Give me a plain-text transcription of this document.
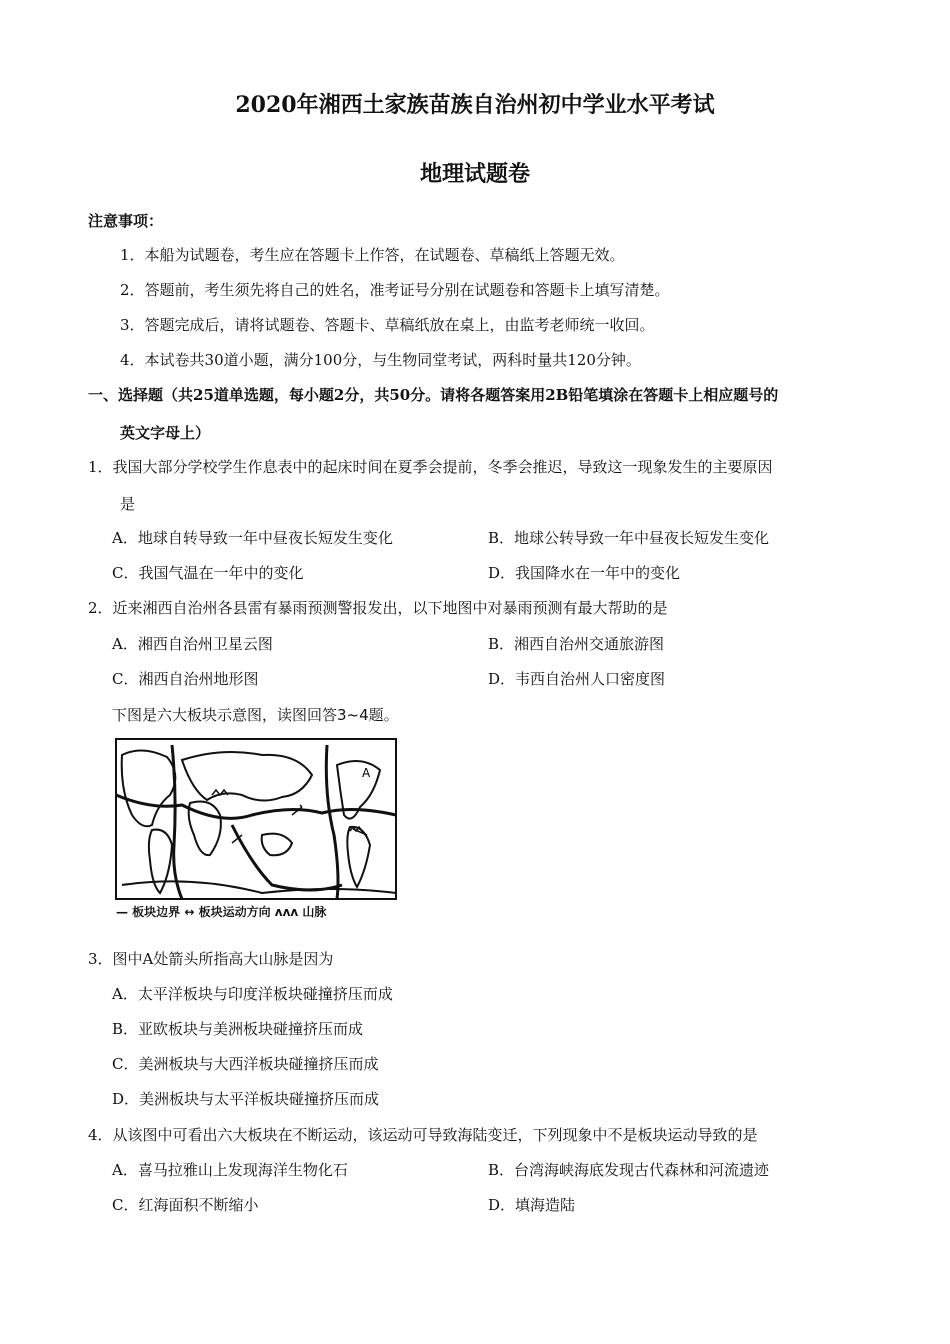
2020年湘西土家族苗族自治州初中学业水平考试
地理试题卷
注意事项：
1．本船为试题卷，考生应在答题卡上作答，在试题卷、草稿纸上答题无效。
2．答题前，考生须先将自己的姓名，准考证号分别在试题卷和答题卡上填写清楚。
3．答题完成后，请将试题卷、答题卡、草稿纸放在桌上，由监考老师统一收回。
4．本试卷共30道小题，满分100分，与生物同堂考试，两科时量共120分钟。
一、选择题（共25道单选题，每小题2分，共50分。请将各题答案用2B铅笔填涂在答题卡上相应题号的
英文字母上）
1．我国大部分学校学生作息表中的起床时间在夏季会提前，冬季会推迟，导致这一现象发生的主要原因
是
A．地球自转导致一年中昼夜长短发生变化	B．地球公转导致一年中昼夜长短发生变化
C．我国气温在一年中的变化	D．我国降水在一年中的变化
2．近来湘西自治州各县雷有暴雨预测警报发出，以下地图中对暴雨预测有最大帮助的是
A．湘西自治州卫星云图	B．湘西自治州交通旅游图
C．湘西自治州地形图	D．韦西自治州人口密度图
下图是六大板块示意图，读图回答3~4题。
A
— 板块边界 ↔ 板块运动方向 ʌʌʌ 山脉
3．图中A处箭头所指高大山脉是因为
A．太平洋板块与印度洋板块碰撞挤压而成
B．亚欧板块与美洲板块碰撞挤压而成
C．美洲板块与大西洋板块碰撞挤压而成
D．美洲板块与太平洋板块碰撞挤压而成
4．从该图中可看出六大板块在不断运动，该运动可导致海陆变迁，下列现象中不是板块运动导致的是
A．喜马拉雅山上发现海洋生物化石	B．台湾海峡海底发现古代森林和河流遗迹
C．红海面积不断缩小	D．填海造陆
